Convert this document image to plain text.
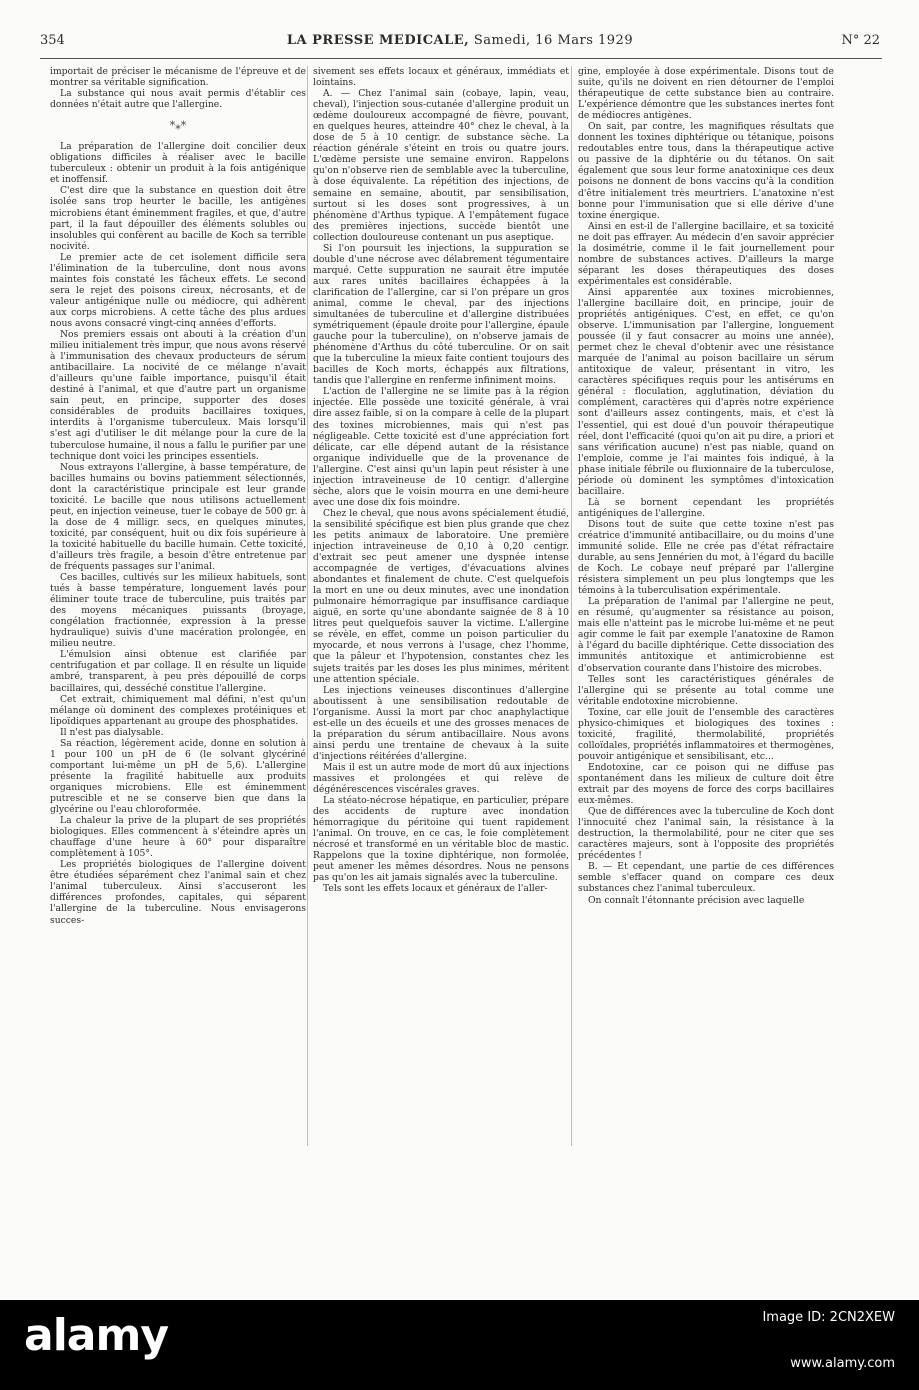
354	LA PRESSE MEDICALE, Samedi, 16 Mars 1929	N° 22

importait de préciser le mécanisme de l'épreuve et de montrer sa véritable signification.

La substance qui nous avait permis d'établir ces données n'était autre que l'allergine.

*⁎*

La préparation de l'allergine doit concilier deux obligations difficiles à réaliser avec le bacille tuberculeux : obtenir un produit à la fois antigénique et inoffensif.

C'est dire que la substance en question doit être isolée sans trop heurter le bacille, les antigènes microbiens étant éminemment fragiles, et que, d'autre part, il la faut dépouiller des éléments solubles ou insolubles qui confèrent au bacille de Koch sa terrible nocivité.

Le premier acte de cet isolement difficile sera l'élimination de la tuberculine, dont nous avons maintes fois constaté les fâcheux effets. Le second sera le rejet des poisons cireux, nécrosants, et de valeur antigénique nulle ou médiocre, qui adhèrent aux corps microbiens. A cette tâche des plus ardues nous avons consacré vingt-cinq années d'efforts.

Nos premiers essais ont abouti à la création d'un milieu initialement très impur, que nous avons réservé à l'immunisation des chevaux producteurs de sérum antibacillaire. La nocivité de ce mélange n'avait d'ailleurs qu'une faible importance, puisqu'il était destiné à l'animal, et que d'autre part un organisme sain peut, en principe, supporter des doses considérables de produits bacillaires toxiques, interdits à l'organisme tuberculeux. Mais lorsqu'il s'est agi d'utiliser le dit mélange pour la cure de la tuberculose humaine, il nous a fallu le purifier par une technique dont voici les principes essentiels.

Nous extrayons l'allergine, à basse température, de bacilles humains ou bovins patiemment sélectionnés, dont la caractéristique principale est leur grande toxicité. Le bacille que nous utilisons actuellement peut, en injection veineuse, tuer le cobaye de 500 gr. à la dose de 4 milligr. secs, en quelques minutes, toxicité, par conséquent, huit ou dix fois supérieure à la toxicité habituelle du bacille humain. Cette toxicité, d'ailleurs très fragile, a besoin d'être entretenue par de fréquents passages sur l'animal.

Ces bacilles, cultivés sur les milieux habituels, sont tués à basse température, longuement lavés pour éliminer toute trace de tuberculine, puis traités par des moyens mécaniques puissants (broyage, congélation fractionnée, expression à la presse hydraulique) suivis d'une macération prolongée, en milieu neutre.

L'émulsion ainsi obtenue est clarifiée par centrifugation et par collage. Il en résulte un liquide ambré, transparent, à peu près dépouillé de corps bacillaires, qui, desséché constitue l'allergine.

Cet extrait, chimiquement mal défini, n'est qu'un mélange où dominent des complexes protéiniques et lipoïdiques appartenant au groupe des phosphatides.

Il n'est pas dialysable.

Sa réaction, légèrement acide, donne en solution à 1 pour 100 un pH de 6 (le solvant glycériné comportant lui-même un pH de 5,6). L'allergine présente la fragilité habituelle aux produits organiques microbiens. Elle est éminemment putrescible et ne se conserve bien que dans la glycérine ou l'eau chloroformée.

La chaleur la prive de la plupart de ses propriétés biologiques. Elles commencent à s'éteindre après un chauffage d'une heure à 60° pour disparaître complètement à 105°.

Les propriétés biologiques de l'allergine doivent être étudiées séparément chez l'animal sain et chez l'animal tuberculeux. Ainsi s'accuseront les différences profondes, capitales, qui séparent l'allergine de la tuberculine. Nous envisagerons succes-

sivement ses effets locaux et généraux, immédiats et lointains.

A. — Chez l'animal sain (cobaye, lapin, veau, cheval), l'injection sous-cutanée d'allergine produit un œdème douloureux accompagné de fièvre, pouvant, en quelques heures, atteindre 40° chez le cheval, à la dose de 5 à 10 centigr. de substance sèche. La réaction générale s'éteint en trois ou quatre jours. L'œdème persiste une semaine environ. Rappelons qu'on n'observe rien de semblable avec la tuberculine, à dose équivalente. La répétition des injections, de semaine en semaine, aboutit, par sensibilisation, surtout si les doses sont progressives, à un phénomène d'Arthus typique. A l'empâtement fugace des premières injections, succède bientôt une collection douloureuse contenant un pus aseptique.

Si l'on poursuit les injections, la suppuration se double d'une nécrose avec délabrement tégumentaire marqué. Cette suppuration ne saurait être imputée aux rares unités bacillaires échappées à la clarification de l'allergine, car si l'on prépare un gros animal, comme le cheval, par des injections simultanées de tuberculine et d'allergine distribuées symétriquement (épaule droite pour l'allergine, épaule gauche pour la tuberculine), on n'observe jamais de phénomène d'Arthus du côté tuberculine. Or on sait que la tuberculine la mieux faite contient toujours des bacilles de Koch morts, échappés aux filtrations, tandis que l'allergine en renferme infiniment moins.

L'action de l'allergine ne se limite pas à la région injectée. Elle possède une toxicité générale, à vrai dire assez faible, si on la compare à celle de la plupart des toxines microbiennes, mais qui n'est pas négligeable. Cette toxicité est d'une appréciation fort délicate, car elle dépend autant de la résistance organique individuelle que de la provenance de l'allergine. C'est ainsi qu'un lapin peut résister à une injection intraveineuse de 10 centigr. d'allergine sèche, alors que le voisin mourra en une demi-heure avec une dose dix fois moindre.

Chez le cheval, que nous avons spécialement étudié, la sensibilité spécifique est bien plus grande que chez les petits animaux de laboratoire. Une première injection intraveineuse de 0,10 à 0,20 centigr. d'extrait sec peut amener une dyspnée intense accompagnée de vertiges, d'évacuations alvines abondantes et finalement de chute. C'est quelquefois la mort en une ou deux minutes, avec une inondation pulmonaire hémorragique par insuffisance cardiaque aiguë, en sorte qu'une abondante saignée de 8 à 10 litres peut quelquefois sauver la victime. L'allergine se révèle, en effet, comme un poison particulier du myocarde, et nous verrons à l'usage, chez l'homme, que la pâleur et l'hypotension, constantes chez les sujets traités par les doses les plus minimes, méritent une attention spéciale.

Les injections veineuses discontinues d'allergine aboutissent à une sensibilisation redoutable de l'organisme. Aussi la mort par choc anaphylactique est-elle un des écueils et une des grosses menaces de la préparation du sérum antibacillaire. Nous avons ainsi perdu une trentaine de chevaux à la suite d'injections réitérées d'allergine.

Mais il est un autre mode de mort dû aux injections massives et prolongées et qui relève de dégénérescences viscérales graves.

La stéato-nécrose hépatique, en particulier, prépare des accidents de rupture avec inondation hémorragique du péritoine qui tuent rapidement l'animal. On trouve, en ce cas, le foie complètement nécrosé et transformé en un véritable bloc de mastic. Rappelons que la toxine diphtérique, non formolée, peut amener les mêmes désordres. Nous ne pensons pas qu'on les ait jamais signalés avec la tuberculine.

Tels sont les effets locaux et généraux de l'aller-

gine, employée à dose expérimentale. Disons tout de suite, qu'ils ne doivent en rien détourner de l'emploi thérapeutique de cette substance bien au contraire. L'expérience démontre que les substances inertes font de médiocres antigènes.

On sait, par contre, les magnifiques résultats que donnent les toxines diphtérique ou tétanique, poisons redoutables entre tous, dans la thérapeutique active ou passive de la diphtérie ou du tétanos. On sait également que sous leur forme anatoxinique ces deux poisons ne donnent de bons vaccins qu'à la condition d'être initialement très meurtriers. L'anatoxine n'est bonne pour l'immunisation que si elle dérive d'une toxine énergique.

Ainsi en est-il de l'allergine bacillaire, et sa toxicité ne doit pas effrayer. Au médecin d'en savoir apprécier la dosimétrie, comme il le fait journellement pour nombre de substances actives. D'ailleurs la marge séparant les doses thérapeutiques des doses expérimentales est considérable.

Ainsi apparentée aux toxines microbiennes, l'allergine bacillaire doit, en principe, jouir de propriétés antigéniques. C'est, en effet, ce qu'on observe. L'immunisation par l'allergine, longuement poussée (il y faut consacrer au moins une année), permet chez le cheval d'obtenir avec une résistance marquée de l'animal au poison bacillaire un sérum antitoxique de valeur, présentant in vitro, les caractères spécifiques requis pour les antisérums en général : floculation, agglutination, déviation du complément, caractères qui d'après notre expérience sont d'ailleurs assez contingents, mais, et c'est là l'essentiel, qui est doué d'un pouvoir thérapeutique réel, dont l'efficacité (quoi qu'on ait pu dire, a priori et sans vérification aucune) n'est pas niable, quand on l'emploie, comme je l'ai maintes fois indiqué, à la phase initiale fébrile ou fluxionnaire de la tuberculose, période où dominent les symptômes d'intoxication bacillaire.

Là se bornent cependant les propriétés antigéniques de l'allergine.

Disons tout de suite que cette toxine n'est pas créatrice d'immunité antibacillaire, ou du moins d'une immunité solide. Elle ne crée pas d'état réfractaire durable, au sens Jennérien du mot, à l'égard du bacille de Koch. Le cobaye neuf préparé par l'allergine résistera simplement un peu plus longtemps que les témoins à la tuberculisation expérimentale.

La préparation de l'animal par l'allergine ne peut, en résumé, qu'augmenter sa résistance au poison, mais elle n'atteint pas le microbe lui-même et ne peut agir comme le fait par exemple l'anatoxine de Ramon à l'égard du bacille diphtérique. Cette dissociation des immunités antitoxique et antimicrobienne est d'observation courante dans l'histoire des microbes.

Telles sont les caractéristiques générales de l'allergine qui se présente au total comme une véritable endotoxine microbienne.

Toxine, car elle jouit de l'ensemble des caractères physico-chimiques et biologiques des toxines : toxicité, fragilité, thermolabilité, propriétés colloïdales, propriétés inflammatoires et thermogènes, pouvoir antigénique et sensibilisant, etc...

Endotoxine, car ce poison qui ne diffuse pas spontanément dans les milieux de culture doit être extrait par des moyens de force des corps bacillaires eux-mêmes.

Que de différences avec la tuberculine de Koch dont l'innocuité chez l'animal sain, la résistance à la destruction, la thermolabilité, pour ne citer que ses caractères majeurs, sont à l'opposite des propriétés précédentes !

B. — Et cependant, une partie de ces différences semble s'effacer quand on compare ces deux substances chez l'animal tuberculeux.

On connaît l'étonnante précision avec laquelle

alamy	Image ID: 2CN2XEW
www.alamy.com
